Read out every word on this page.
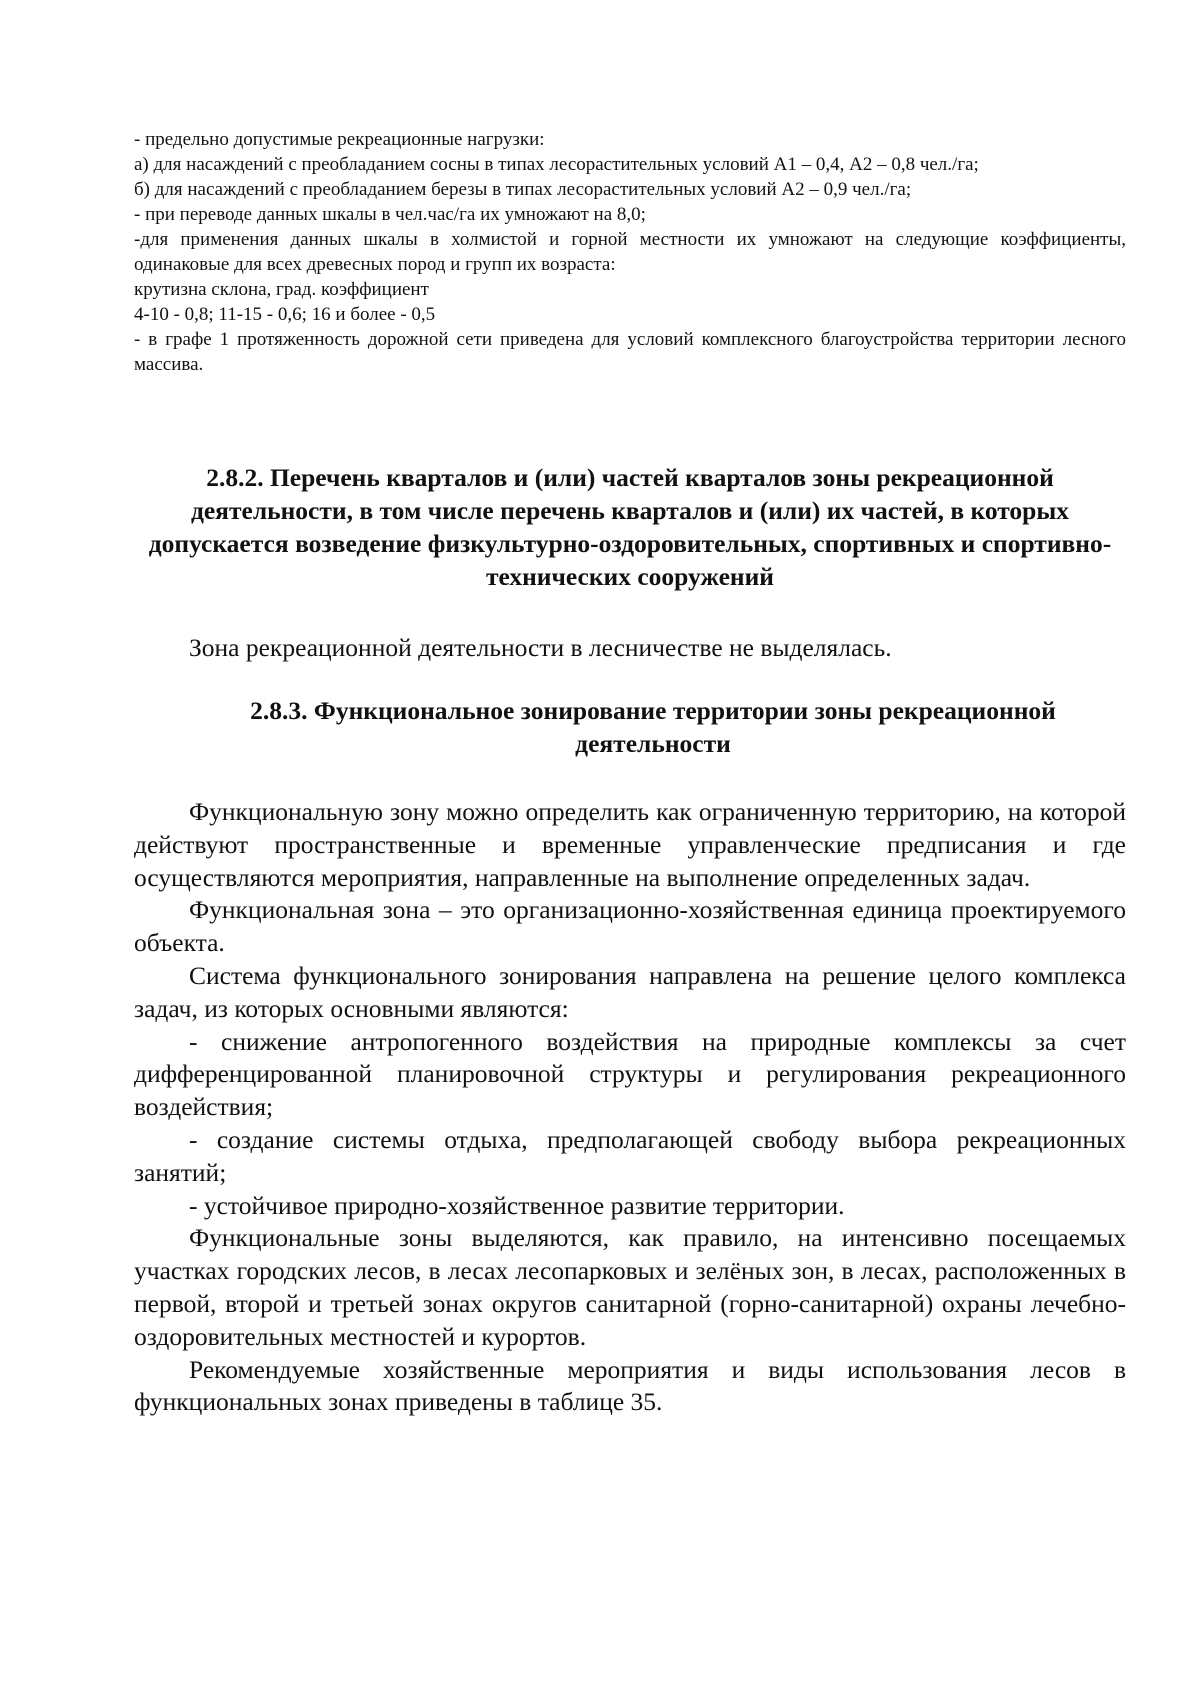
- предельно допустимые рекреационные нагрузки:

а) для насаждений с преобладанием сосны в типах лесорастительных условий А1 – 0,4, А2 – 0,8 чел./га;

б) для насаждений с преобладанием березы в типах лесорастительных условий А2 – 0,9 чел./га;

- при переводе данных шкалы в чел.час/га их умножают на 8,0;

-для применения данных шкалы в холмистой и горной местности их умножают на следующие коэффициенты, одинаковые для всех древесных пород и групп их возраста:

крутизна склона, град. коэффициент

4-10 - 0,8; 11-15 - 0,6; 16 и более - 0,5

- в графе 1 протяженность дорожной сети приведена для условий комплексного благоустройства территории лесного массива.

2.8.2. Перечень кварталов и (или) частей кварталов зоны рекреационной деятельности, в том числе перечень кварталов и (или) их частей, в которых допускается возведение физкультурно-оздоровительных, спортивных и спортивно-технических сооружений

Зона рекреационной деятельности в лесничестве не выделялась.

2.8.3. Функциональное зонирование территории зоны рекреационной деятельности

Функциональную зону можно определить как ограниченную территорию, на которой действуют пространственные и временные управленческие предписания и где осуществляются мероприятия, направленные на выполнение определенных задач.

Функциональная зона – это организационно-хозяйственная единица проектируемого объекта.

Система функционального зонирования направлена на решение целого комплекса задач, из которых основными являются:

- снижение антропогенного воздействия на природные комплексы за счет дифференцированной планировочной структуры и регулирования рекреационного воздействия;

- создание системы отдыха, предполагающей свободу выбора рекреационных занятий;

- устойчивое природно-хозяйственное развитие территории.

Функциональные зоны выделяются, как правило, на интенсивно посещаемых участках городских лесов, в лесах лесопарковых и зелёных зон, в лесах, расположенных в первой, второй и третьей зонах округов санитарной (горно-санитарной) охраны лечебно-оздоровительных местностей и курортов.

Рекомендуемые хозяйственные мероприятия и виды использования лесов в функциональных зонах приведены в таблице 35.
